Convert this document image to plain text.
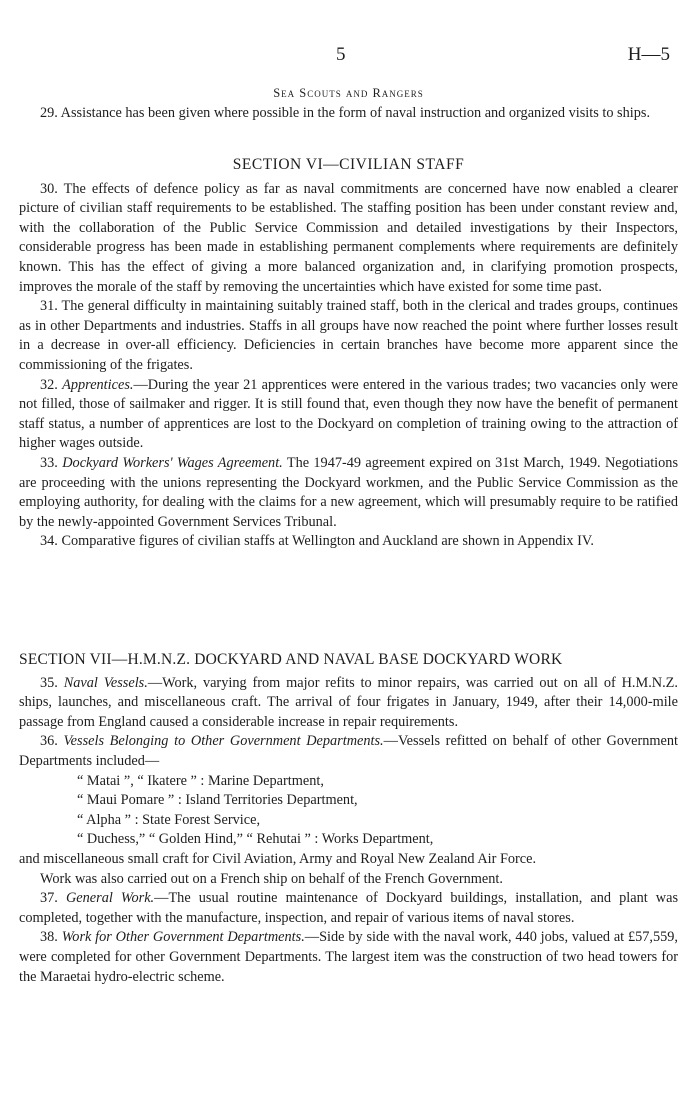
5	H—5
Sea Scouts and Rangers

29. Assistance has been given where possible in the form of naval instruction and organized visits to ships.

SECTION VI—CIVILIAN STAFF

30. The effects of defence policy as far as naval commitments are concerned have now enabled a clearer picture of civilian staff requirements to be established. The staffing position has been under constant review and, with the collaboration of the Public Service Commission and detailed investigations by their Inspectors, considerable progress has been made in establishing permanent complements where requirements are definitely known. This has the effect of giving a more balanced organization and, in clarifying promotion prospects, improves the morale of the staff by removing the uncertainties which have existed for some time past.

31. The general difficulty in maintaining suitably trained staff, both in the clerical and trades groups, continues as in other Departments and industries. Staffs in all groups have now reached the point where further losses result in a decrease in over-all efficiency. Deficiencies in certain branches have become more apparent since the commissioning of the frigates.

32. Apprentices.—During the year 21 apprentices were entered in the various trades; two vacancies only were not filled, those of sailmaker and rigger. It is still found that, even though they now have the benefit of permanent staff status, a number of apprentices are lost to the Dockyard on completion of training owing to the attraction of higher wages outside.

33. Dockyard Workers' Wages Agreement. The 1947-49 agreement expired on 31st March, 1949. Negotiations are proceeding with the unions representing the Dockyard workmen, and the Public Service Commission as the employing authority, for dealing with the claims for a new agreement, which will presumably require to be ratified by the newly-appointed Government Services Tribunal.

34. Comparative figures of civilian staffs at Wellington and Auckland are shown in Appendix IV.

SECTION VII—H.M.N.Z. DOCKYARD AND NAVAL BASE DOCKYARD WORK

35. Naval Vessels.—Work, varying from major refits to minor repairs, was carried out on all of H.M.N.Z. ships, launches, and miscellaneous craft. The arrival of four frigates in January, 1949, after their 14,000-mile passage from England caused a considerable increase in repair requirements.

36. Vessels Belonging to Other Government Departments.—Vessels refitted on behalf of other Government Departments included—

“ Matai ”, “ Ikatere ” : Marine Department,
“ Maui Pomare ” : Island Territories Department,
“ Alpha ” : State Forest Service,
“ Duchess,” “ Golden Hind,” “ Rehutai ” : Works Department,

and miscellaneous small craft for Civil Aviation, Army and Royal New Zealand Air Force.

Work was also carried out on a French ship on behalf of the French Government.

37. General Work.—The usual routine maintenance of Dockyard buildings, installation, and plant was completed, together with the manufacture, inspection, and repair of various items of naval stores.

38. Work for Other Government Departments.—Side by side with the naval work, 440 jobs, valued at £57,559, were completed for other Government Departments. The largest item was the construction of two head towers for the Maraetai hydro-electric scheme.
